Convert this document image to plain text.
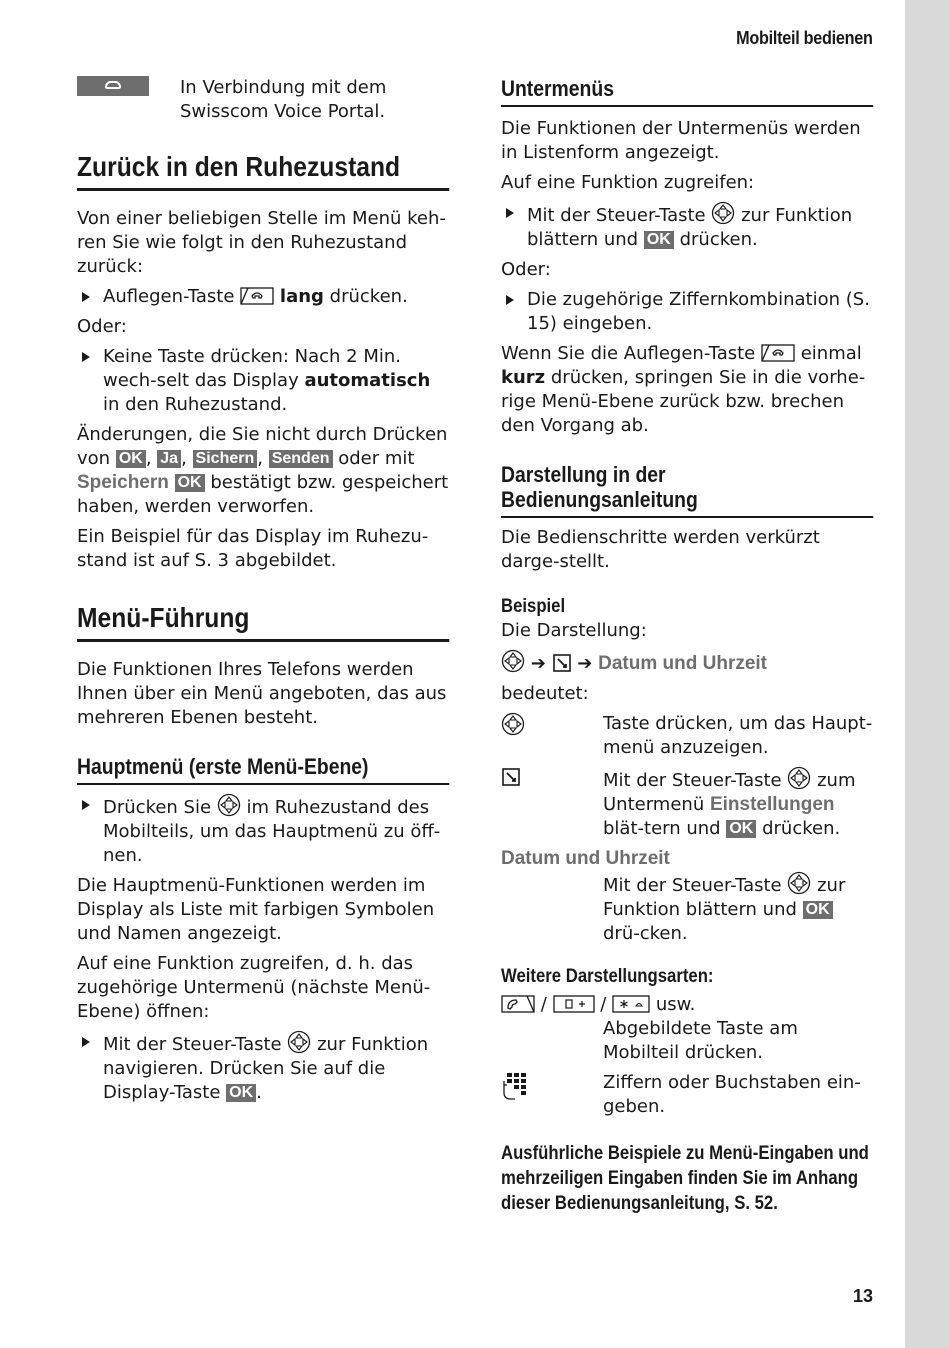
Mobilteil bedienen

In Verbindung mit dem

Swisscom Voice Portal.

Zurück in den Ruhezustand

Von einer beliebigen Stelle im Menü keh-ren Sie wie folgt in den Ruhezustand zurück:

Auflegen-Taste	lang drücken.

Oder:

Keine Taste drücken: Nach 2 Min. wech-selt das Display automatisch in den Ruhezustand.

Änderungen, die Sie nicht durch Drücken von OK , Ja , Sichern , Senden oder mit Speichern OK bestätigt bzw. gespeichert haben, werden verworfen.

Ein Beispiel für das Display im Ruhezu-stand ist auf S. 3 abgebildet.

Menü-Führung

Die Funktionen Ihres Telefons werden Ihnen über ein Menü angeboten, das aus mehreren Ebenen besteht.

Hauptmenü (erste Menü-Ebene)
Drücken Sie im Ruhezustand des Mobilteils, um das Hauptmenü zu öff-nen.

Die Hauptmenü-Funktionen werden im Display als Liste mit farbigen Symbolen und Namen angezeigt.

Auf eine Funktion zugreifen, d. h. das zugehörige Untermenü (nächste Menü-Ebene) öffnen:

Mit der Steuer-Taste zur Funktion navigieren. Drücken Sie auf die Display-Taste OK .
Untermenüs

Die Funktionen der Untermenüs werden in Listenform angezeigt.

Auf eine Funktion zugreifen:

Mit der Steuer-Taste zur Funktion blättern und OK drücken.

Oder:

Die zugehörige Ziffernkombination (S. 15) eingeben.

Wenn Sie die Auflegen-Taste	einmal kurz drücken, springen Sie in die vorhe-rige Menü-Ebene zurück bzw. brechen den Vorgang ab.

Darstellung in der
Bedienungsanleitung

Die Bedienschritte werden verkürzt darge-stellt.

Beispiel

Die Darstellung:

➔ ➔ Datum und Uhrzeit

bedeutet:

Taste drücken, um das Haupt-menü anzuzeigen.
Mit der Steuer-Taste zum Untermenü Einstellungen blät-tern und OK drücken.

Datum und Uhrzeit

Mit der Steuer-Taste zur Funktion blättern und OK drü-cken.
Weitere Darstellungsarten:

/	/	usw.

Abgebildete Taste am Mobilteil drücken.
Ziffern oder Buchstaben ein-geben.
Ausführliche Beispiele zu Menü-Eingaben und mehrzeiligen Eingaben finden Sie im Anhang dieser Bedienungsanleitung, S. 52.
13
